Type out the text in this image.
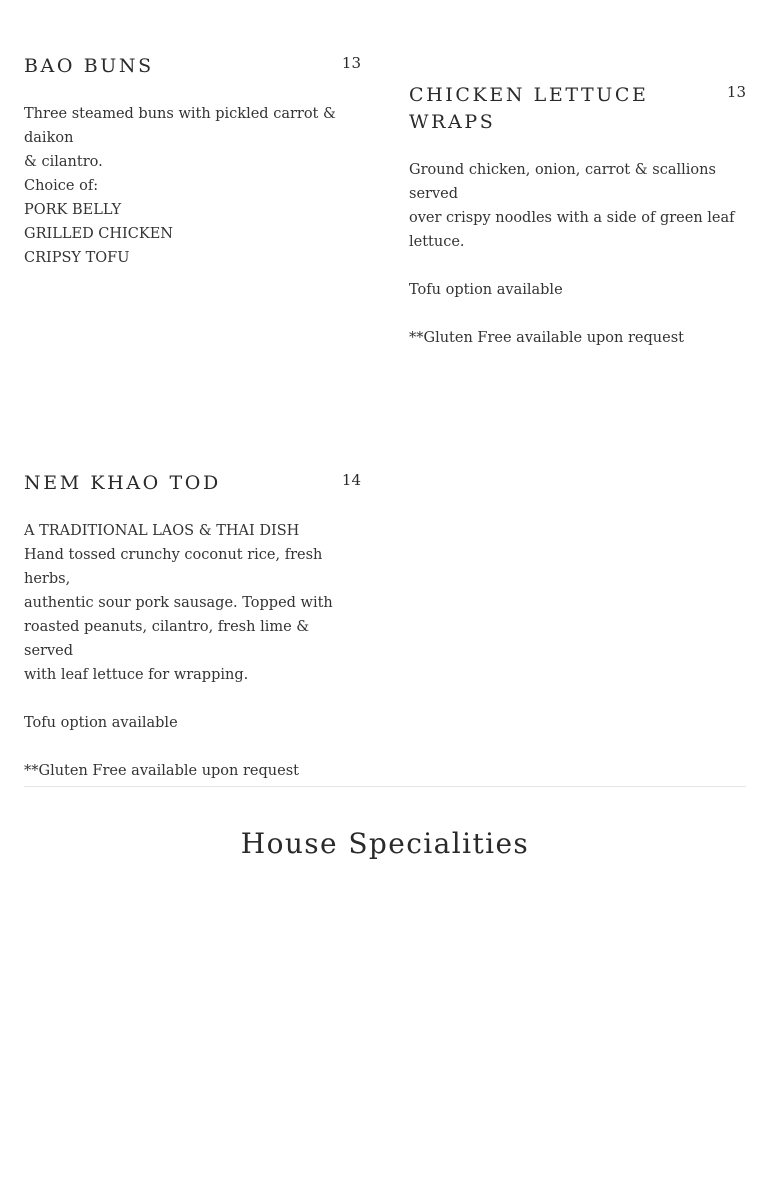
BAO BUNS	13
Three steamed buns with pickled carrot & daikon
& cilantro.
Choice of:
PORK BELLY
GRILLED CHICKEN
CRIPSY TOFU
CHICKEN LETTUCE WRAPS
13
Ground chicken, onion, carrot & scallions served
over crispy noodles with a side of green leaf
lettuce.
Tofu option available
**Gluten Free available upon request
NEM KHAO TOD	14
A TRADITIONAL LAOS & THAI DISH
Hand tossed crunchy coconut rice, fresh herbs,
authentic sour pork sausage. Topped with
roasted peanuts, cilantro, fresh lime & served
with leaf lettuce for wrapping.
Tofu option available
**Gluten Free available upon request
House Specialities
